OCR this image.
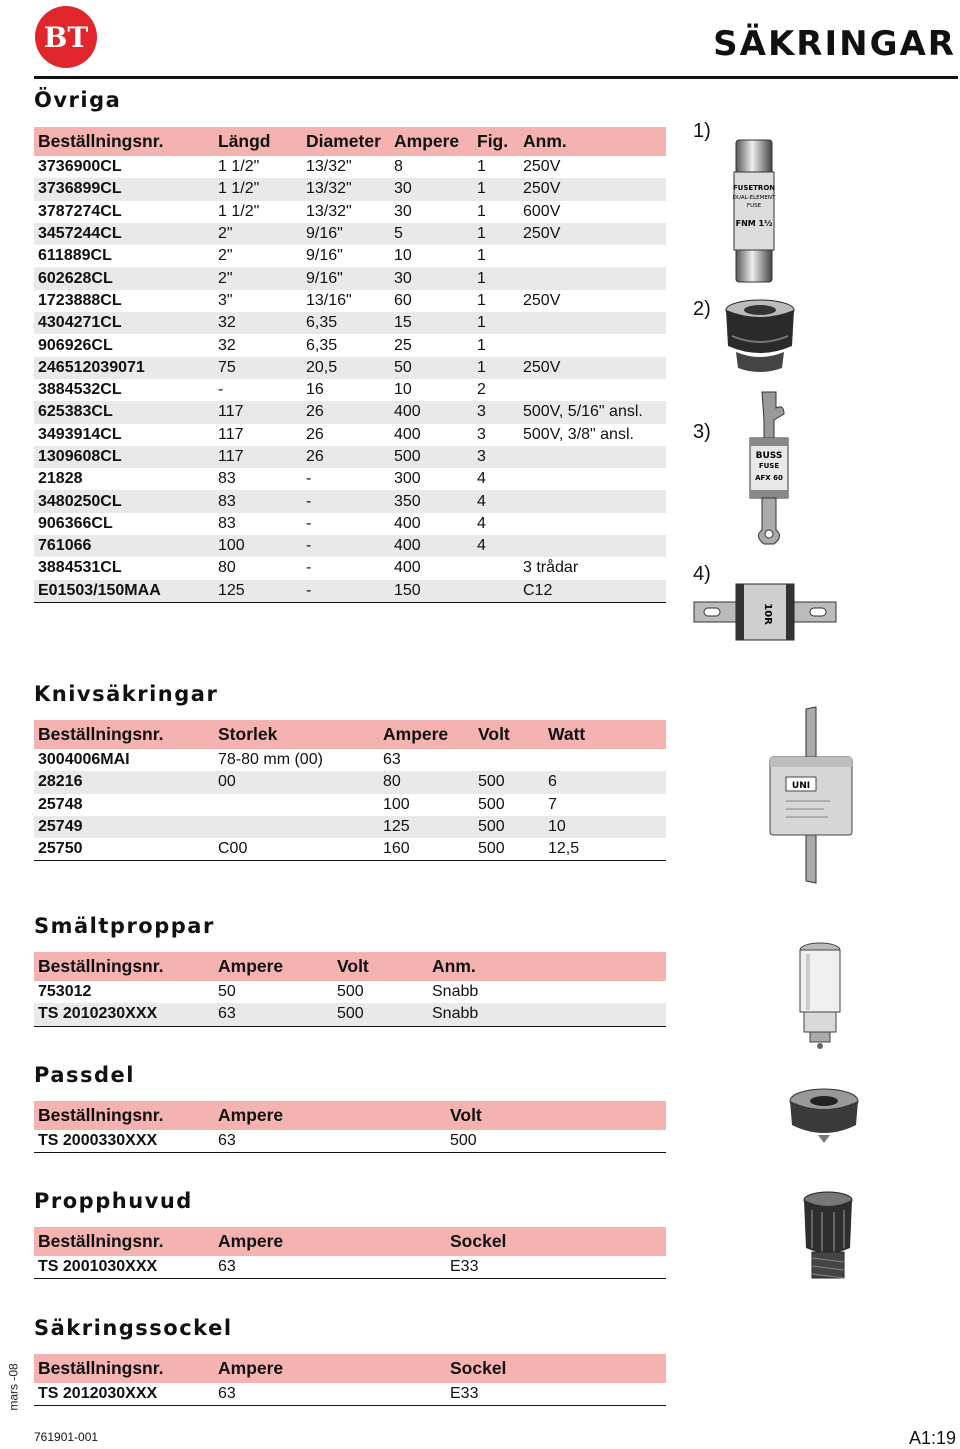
BT	SÄKRINGAR
Övriga
Beställningsnr.	Längd	Diameter	Ampere	Fig.	Anm.
3736900CL	1 1/2"	13/32"	8	1	250V
3736899CL	1 1/2"	13/32"	30	1	250V
3787274CL	1 1/2"	13/32"	30	1	600V
3457244CL	2"	9/16"	5	1	250V
611889CL	2"	9/16"	10	1	
602628CL	2"	9/16"	30	1	
1723888CL	3"	13/16"	60	1	250V
4304271CL	32	6,35	15	1	
906926CL	32	6,35	25	1	
246512039071	75	20,5	50	1	250V
3884532CL	-	16	10	2	
625383CL	117	26	400	3	500V, 5/16" ansl.
3493914CL	117	26	400	3	500V, 3/8" ansl.
1309608CL	117	26	500	3	
21828	83	-	300	4	
3480250CL	83	-	350	4	
906366CL	83	-	400	4	
761066	100	-	400	4	
3884531CL	80	-	400		3 trådar
E01503/150MAA	125	-	150		C12
1)
2)
3)
4)
FUSETRON
DUAL-ELEMENT
FUSE
FNM 1½
BUSS
FUSE
AFX 60
10R
Knivsäkringar
Beställningsnr.	Storlek	Ampere	Volt	Watt
3004006MAI	78-80 mm (00)	63		
28216	00	80	500	6
25748		100	500	7
25749		125	500	10
25750	C00	160	500	12,5
UNI
Smältproppar
Beställningsnr.	Ampere	Volt	Anm.
753012	50	500	Snabb
TS 2010230XXX	63	500	Snabb
Passdel
Beställningsnr.	Ampere	Volt
TS 2000330XXX	63	500
Propphuvud
Beställningsnr.	Ampere	Sockel
TS 2001030XXX	63	E33
Säkringssockel
Beställningsnr.	Ampere	Sockel
TS 2012030XXX	63	E33
mars -08
761901-001	A1:19
